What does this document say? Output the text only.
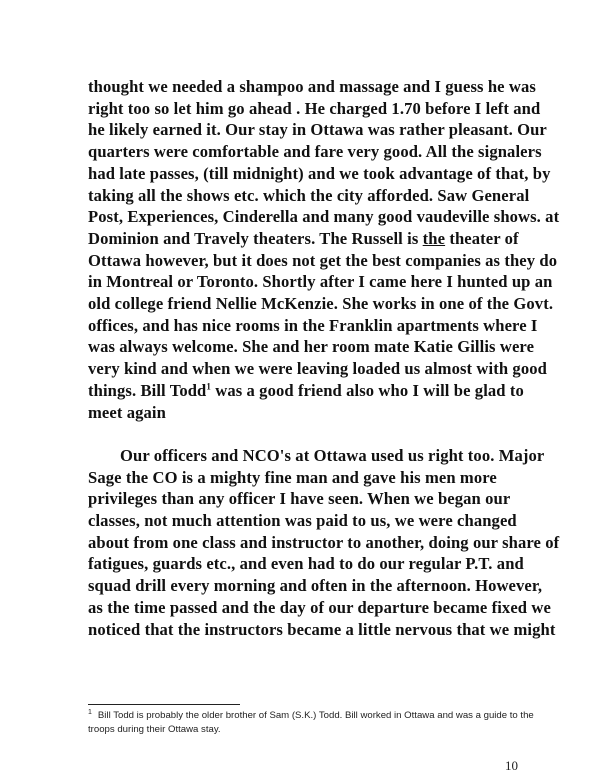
thought we needed a shampoo and massage and I guess he was right too so let him go ahead . He charged 1.70 before I left and he likely earned it. Our stay in Ottawa was rather pleasant. Our quarters were comfortable and fare very good. All the signalers had late passes, (till midnight) and we took advantage of that, by taking all the shows etc. which the city afforded. Saw General Post, Experiences, Cinderella and many good vaudeville shows. at Dominion and Travely theaters. The Russell is the theater of Ottawa however, but it does not get the best companies as they do in Montreal or Toronto. Shortly after I came here I hunted up an old college friend Nellie McKenzie. She works in one of the Govt. offices, and has nice rooms in the Franklin apartments where I was always welcome. She and her room mate Katie Gillis were very kind and when we were leaving loaded us almost with good things. Bill Todd$^1$ was a good friend also who I will be glad to meet again

Our officers and NCO's at Ottawa used us right too. Major Sage the CO is a mighty fine man and gave his men more privileges than any officer I have seen. When we began our classes, not much attention was paid to us, we were changed about from one class and instructor to another, doing our share of fatigues, guards etc., and even had to do our regular P.T. and squad drill every morning and often in the afternoon. However, as the time passed and the day of our departure became fixed we noticed that the instructors became a little nervous that we might

$^1$ Bill Todd is probably the older brother of Sam (S.K.) Todd. Bill worked in Ottawa and was a guide to the troops during their Ottawa stay.
10
